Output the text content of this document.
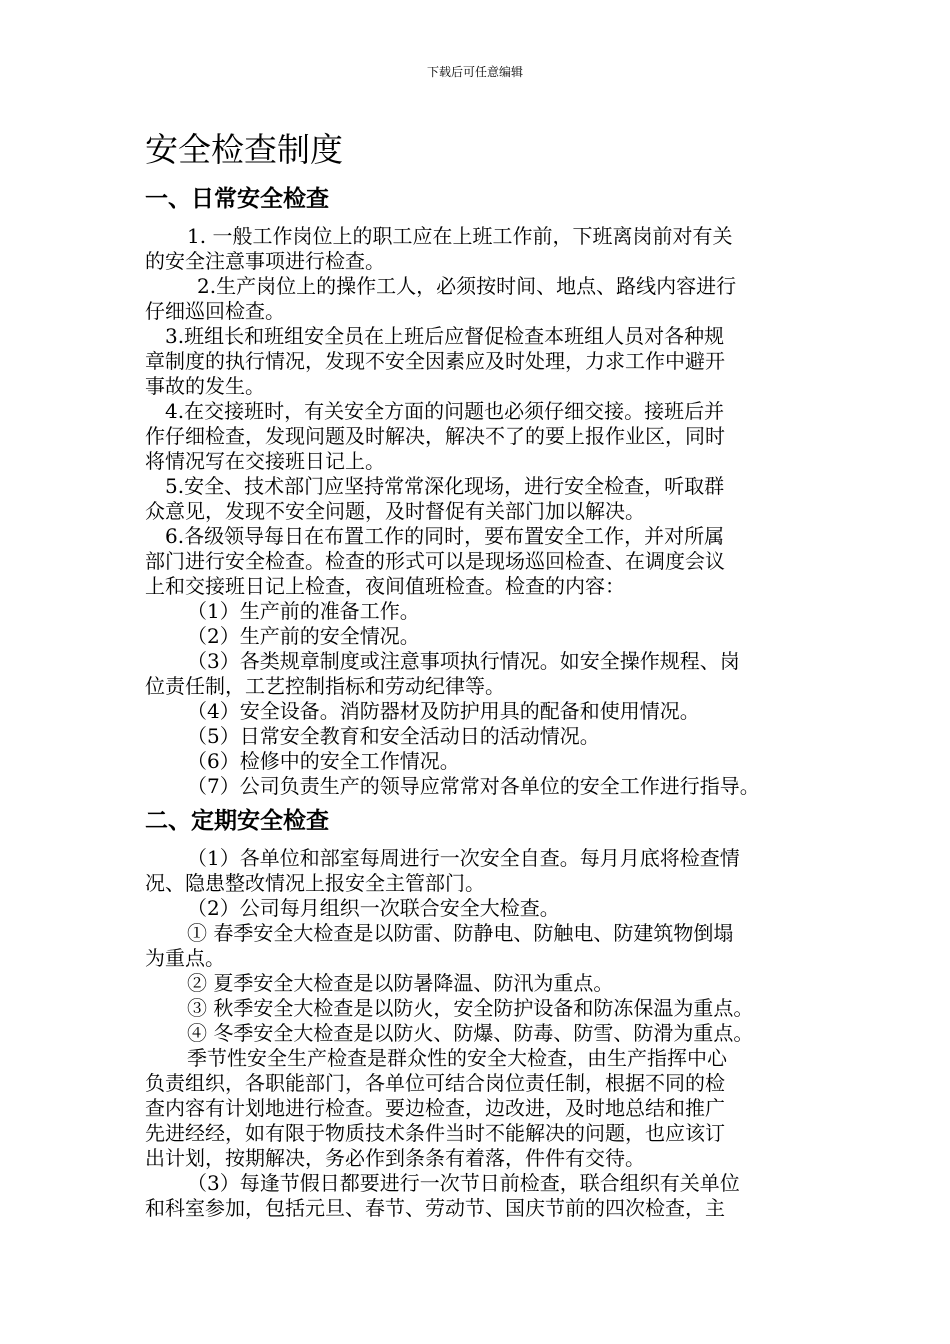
下载后可任意编辑
安全检查制度
一、日常安全检查

1. 一般工作岗位上的职工应在上班工作前，下班离岗前对有关

的安全注意事项进行检查。

2.生产岗位上的操作工人，必须按时间、地点、路线内容进行

仔细巡回检查。

3.班组长和班组安全员在上班后应督促检查本班组人员对各种规

章制度的执行情况，发现不安全因素应及时处理，力求工作中避开

事故的发生。

4.在交接班时，有关安全方面的问题也必须仔细交接。接班后并

作仔细检查，发现问题及时解决，解决不了的要上报作业区，同时

将情况写在交接班日记上。

5.安全、技术部门应坚持常常深化现场，进行安全检查，听取群

众意见，发现不安全问题，及时督促有关部门加以解决。

6.各级领导每日在布置工作的同时，要布置安全工作，并对所属

部门进行安全检查。检查的形式可以是现场巡回检查、在调度会议

上和交接班日记上检查，夜间值班检查。检查的内容：

（1）生产前的准备工作。

（2）生产前的安全情况。

（3）各类规章制度或注意事项执行情况。如安全操作规程、岗

位责任制，工艺控制指标和劳动纪律等。

（4）安全设备。消防器材及防护用具的配备和使用情况。

（5）日常安全教育和安全活动日的活动情况。

（6）检修中的安全工作情况。

（7）公司负责生产的领导应常常对各单位的安全工作进行指导。

二、定期安全检查

（1）各单位和部室每周进行一次安全自查。每月月底将检查情

况、隐患整改情况上报安全主管部门。

（2）公司每月组织一次联合安全大检查。

① 春季安全大检查是以防雷、防静电、防触电、防建筑物倒塌

为重点。

② 夏季安全大检查是以防暑降温、防汛为重点。

③ 秋季安全大检查是以防火，安全防护设备和防冻保温为重点。

④ 冬季安全大检查是以防火、防爆、防毒、防雪、防滑为重点。

季节性安全生产检查是群众性的安全大检查，由生产指挥中心

负责组织，各职能部门，各单位可结合岗位责任制，根据不同的检

查内容有计划地进行检查。要边检查，边改进，及时地总结和推广

先进经经，如有限于物质技术条件当时不能解决的问题，也应该订

出计划，按期解决，务必作到条条有着落，件件有交待。

（3）每逢节假日都要进行一次节日前检查，联合组织有关单位

和科室参加，包括元旦、春节、劳动节、国庆节前的四次检查，主
